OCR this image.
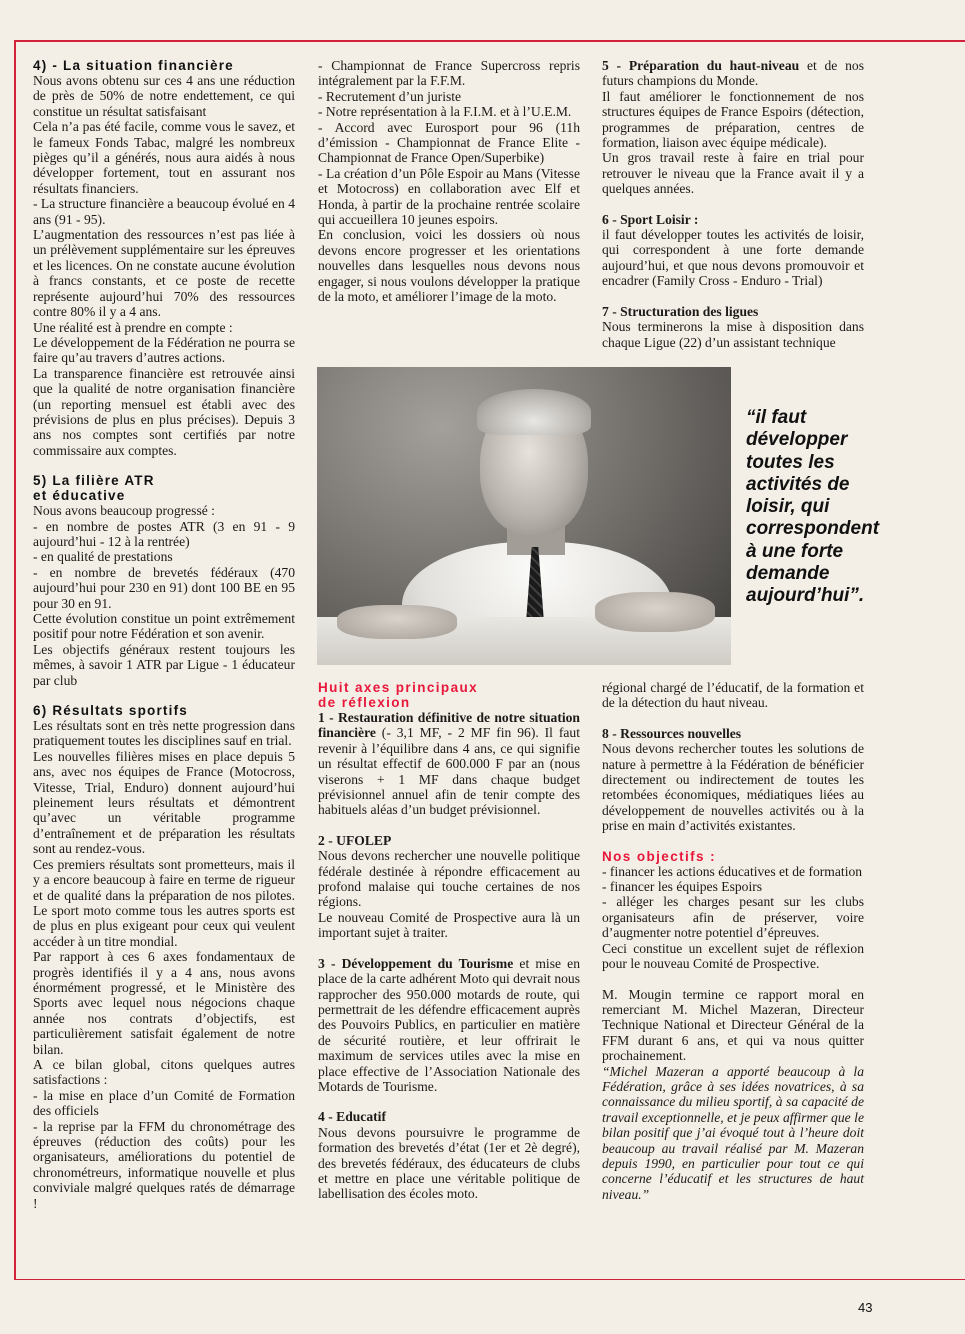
4) - La situation financière

Nous avons obtenu sur ces 4 ans une réduction de près de 50% de notre endettement, ce qui constitue un résultat satisfaisant

Cela n’a pas été facile, comme vous le savez, et le fameux Fonds Tabac, malgré les nombreux pièges qu’il a générés, nous aura aidés à nous développer fortement, tout en assurant nos résultats financiers.

- La structure financière a beaucoup évolué en 4 ans (91 - 95).

L’augmentation des ressources n’est pas liée à un prélèvement supplémentaire sur les épreuves et les licences. On ne constate aucune évolution à francs constants, et ce poste de recette représente aujourd’hui 70% des ressources contre 80% il y a 4 ans.

Une réalité est à prendre en compte :

Le développement de la Fédération ne pourra se faire qu’au travers d’autres actions.

La transparence financière est retrouvée ainsi que la qualité de notre organisation financière (un reporting mensuel est établi avec des prévisions de plus en plus précises). Depuis 3 ans nos comptes sont certifiés par notre commissaire aux comptes.

5) La filière ATR

et éducative

Nous avons beaucoup progressé :

- en nombre de postes ATR (3 en 91 - 9 aujourd’hui - 12 à la rentrée)

- en qualité de prestations

- en nombre de brevetés fédéraux (470 aujourd’hui pour 230 en 91) dont 100 BE en 95 pour 30 en 91.

Cette évolution constitue un point extrêmement positif pour notre Fédération et son avenir.

Les objectifs généraux restent toujours les mêmes, à savoir 1 ATR par Ligue - 1 éducateur par club

6) Résultats sportifs

Les résultats sont en très nette progression dans pratiquement toutes les disciplines sauf en trial.

Les nouvelles filières mises en place depuis 5 ans, avec nos équipes de France (Motocross, Vitesse, Trial, Enduro) donnent aujourd’hui pleinement leurs résultats et démontrent qu’avec un véritable programme d’entraînement et de préparation les résultats sont au rendez-vous.

Ces premiers résultats sont prometteurs, mais il y a encore beaucoup à faire en terme de rigueur et de qualité dans la préparation de nos pilotes. Le sport moto comme tous les autres sports est de plus en plus exigeant pour ceux qui veulent accéder à un titre mondial.

Par rapport à ces 6 axes fondamentaux de progrès identifiés il y a 4 ans, nous avons énormément progressé, et le Ministère des Sports avec lequel nous négocions chaque année nos contrats d’objectifs, est particulièrement satisfait également de notre bilan.

A ce bilan global, citons quelques autres satisfactions :

- la mise en place d’un Comité de Formation des officiels

- la reprise par la FFM du chronométrage des épreuves (réduction des coûts) pour les organisateurs, améliorations du potentiel de chronométreurs, informatique nouvelle et plus conviviale malgré quelques ratés de démarrage !

- Championnat de France Supercross repris intégralement par la F.F.M.

- Recrutement d’un juriste

- Notre représentation à la F.I.M. et à l’U.E.M.

- Accord avec Eurosport pour 96 (11h d’émission - Championnat de France Elite - Championnat de France Open/Superbike)

- La création d’un Pôle Espoir au Mans (Vitesse et Motocross) en collaboration avec Elf et Honda, à partir de la prochaine rentrée scolaire qui accueillera 10 jeunes espoirs.

En conclusion, voici les dossiers où nous devons encore progresser et les orientations nouvelles dans lesquelles nous devons nous engager, si nous voulons développer la pratique de la moto, et améliorer l’image de la moto.

“il faut développer toutes les activités de loisir, qui correspondent à une forte demande aujourd’hui”.

Huit axes principaux

de réflexion

1 - Restauration définitive de notre situation financière (- 3,1 MF, - 2 MF fin 96). Il faut revenir à l’équilibre dans 4 ans, ce qui signifie un résultat effectif de 600.000 F par an (nous viserons + 1 MF dans chaque budget prévisionnel annuel afin de tenir compte des habituels aléas d’un budget prévisionnel.

2 - UFOLEP

Nous devons rechercher une nouvelle politique fédérale destinée à répondre efficacement au profond malaise qui touche certaines de nos régions.

Le nouveau Comité de Prospective aura là un important sujet à traiter.

3 - Développement du Tourisme et mise en place de la carte adhérent Moto qui devrait nous rapprocher des 950.000 motards de route, qui permettrait de les défendre efficacement auprès des Pouvoirs Publics, en particulier en matière de sécurité routière, et leur offrirait le maximum de services utiles avec la mise en place effective de l’Association Nationale des Motards de Tourisme.

4 - Educatif

Nous devons poursuivre le programme de formation des brevetés d’état (1er et 2è degré), des brevetés fédéraux, des éducateurs de clubs et mettre en place une véritable politique de labellisation des écoles moto.

5 - Préparation du haut-niveau et de nos futurs champions du Monde.

Il faut améliorer le fonctionnement de nos structures équipes de France Espoirs (détection, programmes de préparation, centres de formation, liaison avec équipe médicale).

Un gros travail reste à faire en trial pour retrouver le niveau que la France avait il y a quelques années.

6 - Sport Loisir :

il faut développer toutes les activités de loisir, qui correspondent à une forte demande aujourd’hui, et que nous devons promouvoir et encadrer (Family Cross - Enduro - Trial)

7 - Structuration des ligues

Nous terminerons la mise à disposition dans chaque Ligue (22) d’un assistant technique

régional chargé de l’éducatif, de la formation et de la détection du haut niveau.

8 - Ressources nouvelles

Nous devons rechercher toutes les solutions de nature à permettre à la Fédération de bénéficier directement ou indirectement de toutes les retombées économiques, médiatiques liées au développement de nouvelles activités ou à la prise en main d’activités existantes.

Nos objectifs :

- financer les actions éducatives et de formation

- financer les équipes Espoirs

- alléger les charges pesant sur les clubs organisateurs afin de préserver, voire d’augmenter notre potentiel d’épreuves.

Ceci constitue un excellent sujet de réflexion pour le nouveau Comité de Prospective.

M. Mougin termine ce rapport moral en remerciant M. Michel Mazeran, Directeur Technique National et Directeur Général de la FFM durant 6 ans, et qui va nous quitter prochainement.

“Michel Mazeran a apporté beaucoup à la Fédération, grâce à ses idées novatrices, à sa connaissance du milieu sportif, à sa capacité de travail exceptionnelle, et je peux affirmer que le bilan positif que j’ai évoqué tout à l’heure doit beaucoup au travail réalisé par M. Mazeran depuis 1990, en particulier pour tout ce qui concerne l’éducatif et les structures de haut niveau.”

43
